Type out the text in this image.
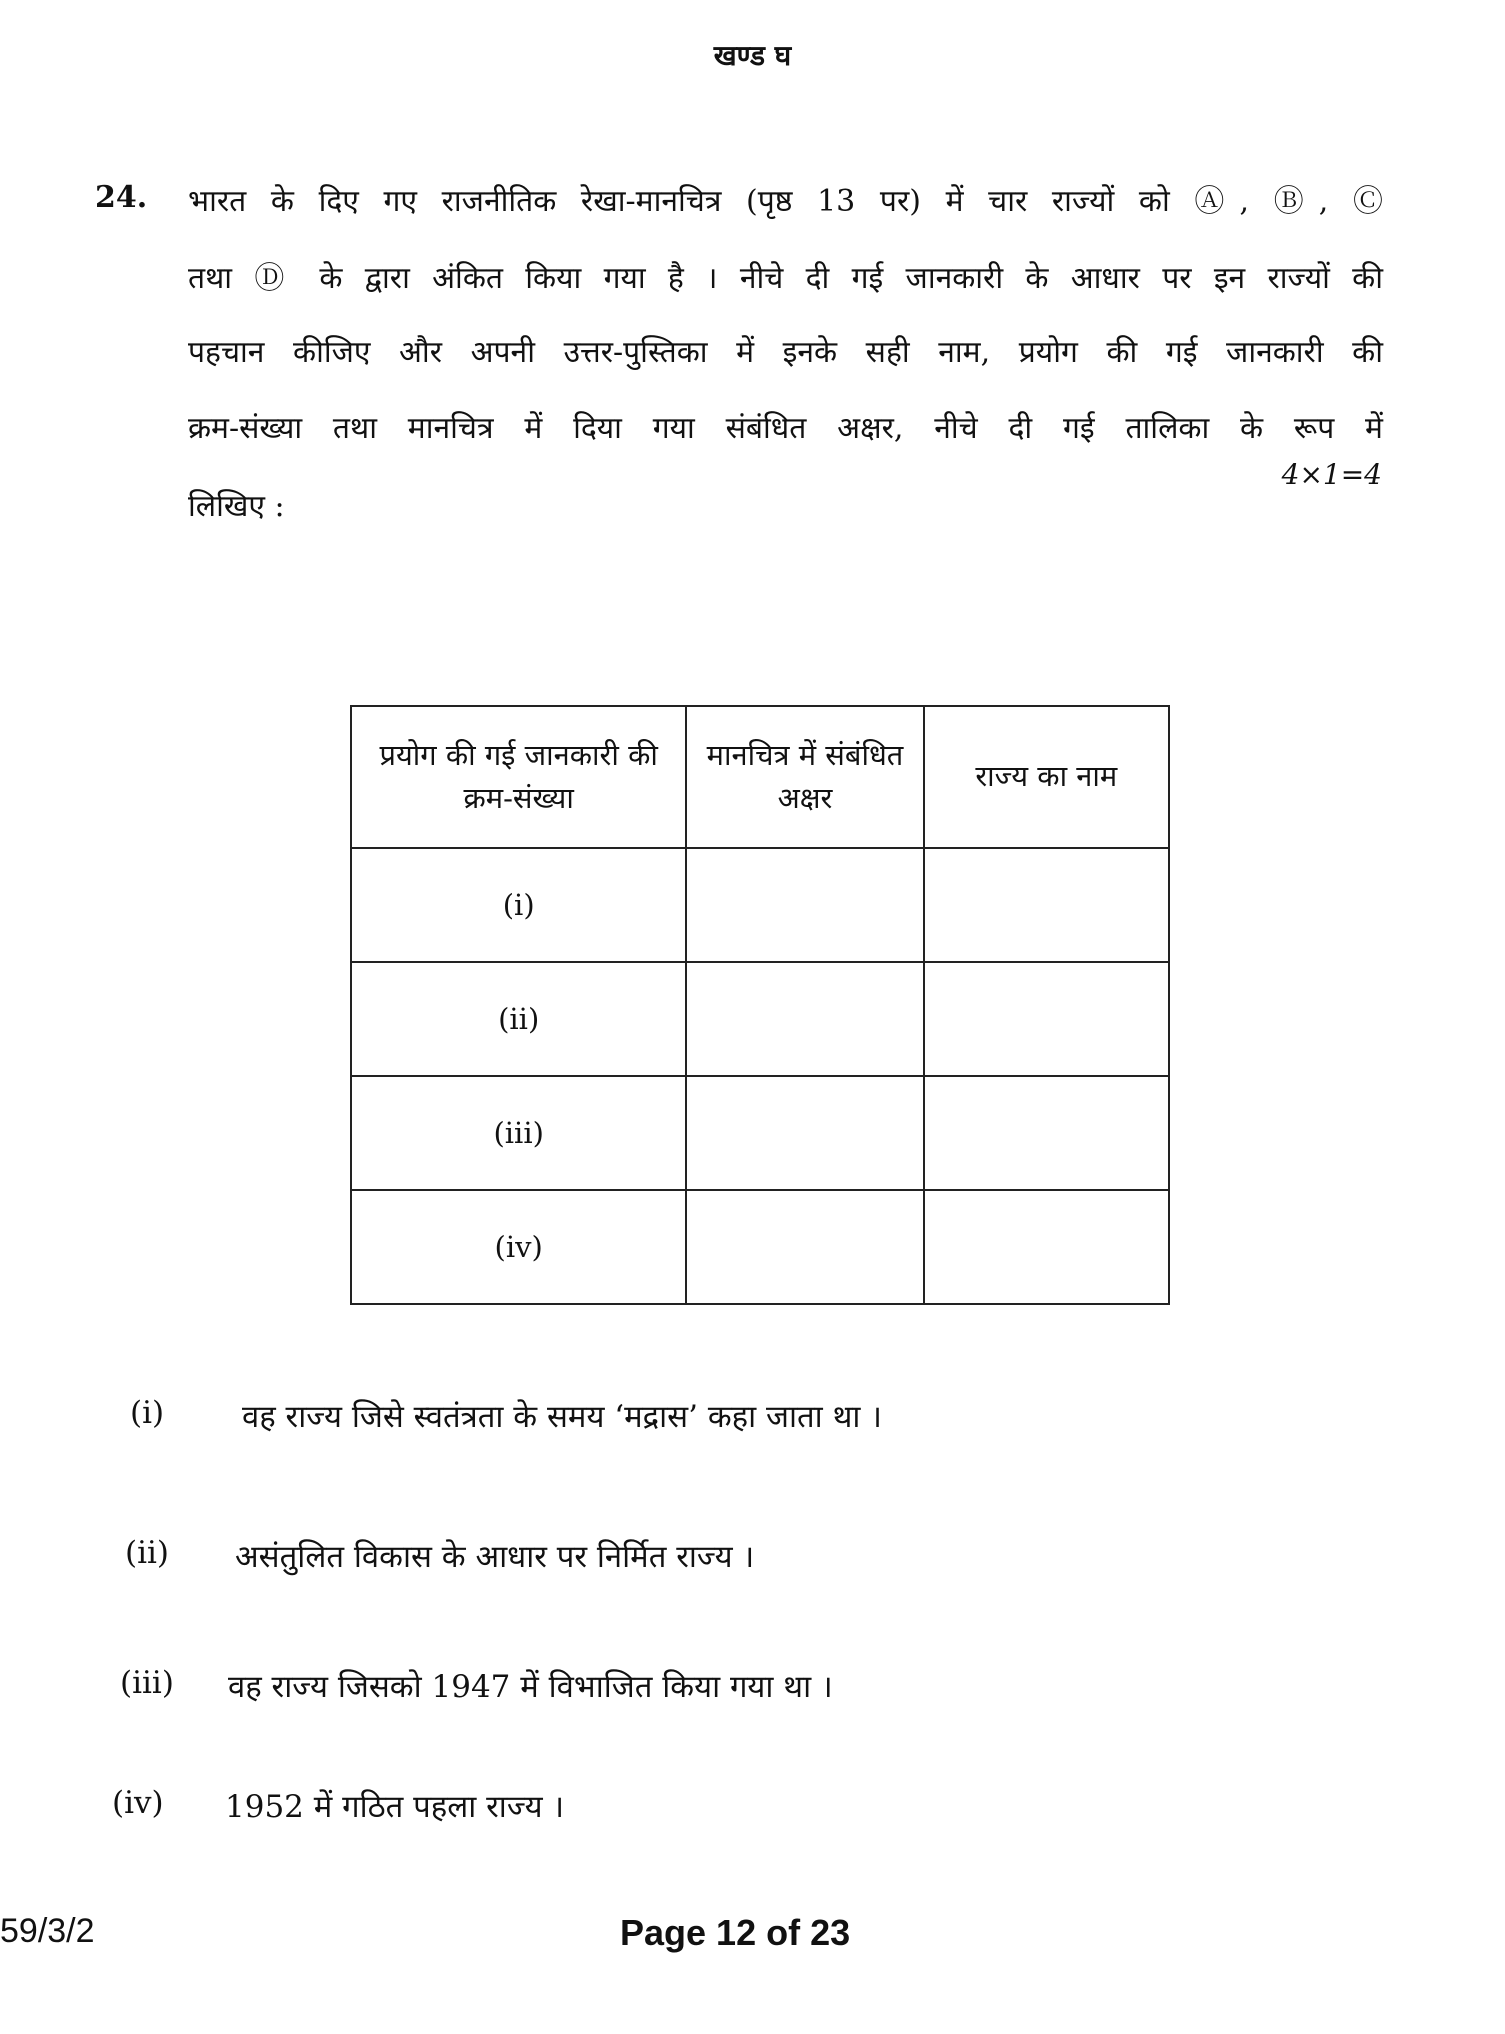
खण्ड घ
24. भारत के दिए गए राजनीतिक रेखा-मानचित्र (पृष्ठ 13 पर) में चार राज्यों को Ⓐ, Ⓑ, Ⓒ
तथा Ⓓ के द्वारा अंकित किया गया है । नीचे दी गई जानकारी के आधार पर इन राज्यों की
पहचान कीजिए और अपनी उत्तर-पुस्तिका में इनके सही नाम, प्रयोग की गई जानकारी की
क्रम-संख्या तथा मानचित्र में दिया गया संबंधित अक्षर, नीचे दी गई तालिका के रूप में
लिखिए :
4×1=4
प्रयोग की गई जानकारी की क्रम-संख्या	मानचित्र में संबंधित अक्षर	राज्य का नाम
(i)		
(ii)		
(iii)		
(iv)		
(i)	वह राज्य जिसे स्वतंत्रता के समय ‘मद्रास’ कहा जाता था ।
(ii) असंतुलित विकास के आधार पर निर्मित राज्य ।
(iii) वह राज्य जिसको 1947 में विभाजित किया गया था ।
(iv) 1952 में गठित पहला राज्य ।
59/3/2	Page 12 of 23
